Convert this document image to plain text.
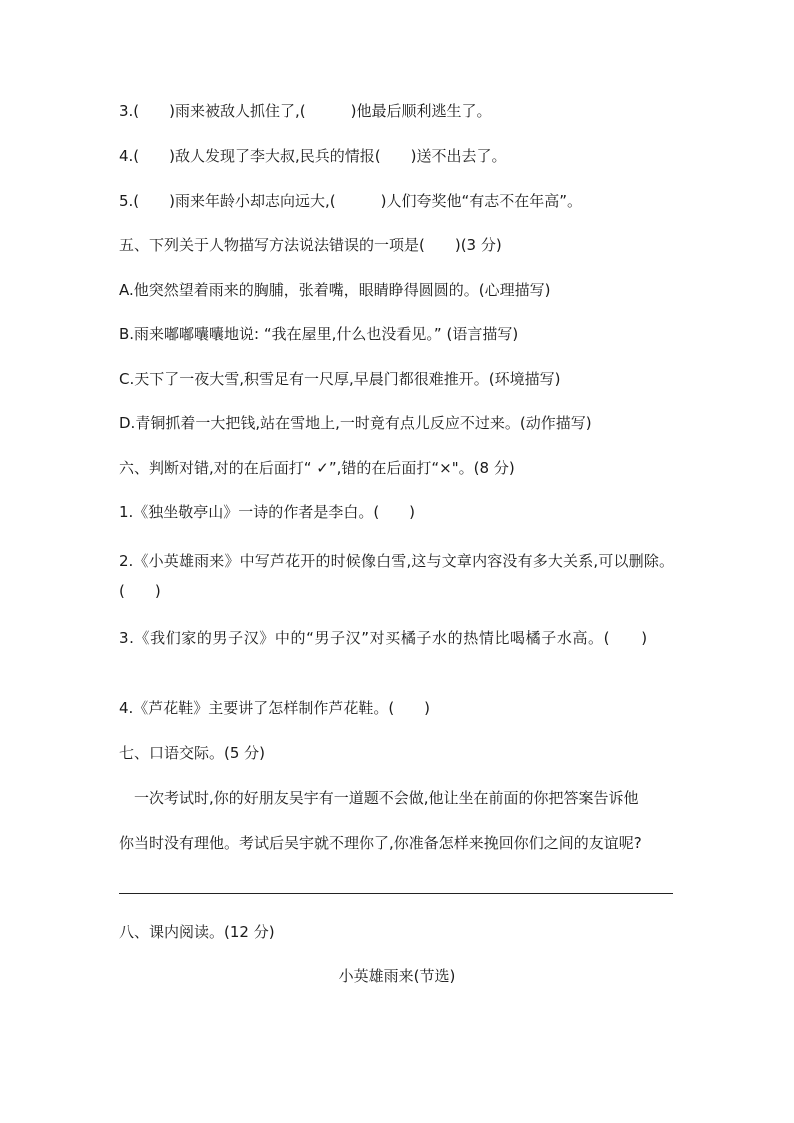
3.(　　)雨来被敌人抓住了,(　　　)他最后顺利逃生了。
4.(　　)敌人发现了李大叔,民兵的情报(　　)送不出去了。
5.(　　)雨来年龄小却志向远大,(　　　)人们夸奖他“有志不在年高”。
五、下列关于人物描写方法说法错误的一项是(　　)(3 分)
A.他突然望着雨来的胸脯，张着嘴，眼睛睁得圆圆的。(心理描写)
B.雨来嘟嘟囔囔地说: “我在屋里,什么也没看见。” (语言描写)
C.天下了一夜大雪,积雪足有一尺厚,早晨门都很难推开。(环境描写)
D.青铜抓着一大把钱,站在雪地上,一时竟有点儿反应不过来。(动作描写)
六、判断对错,对的在后面打“ ✓”,错的在后面打“×"。(8 分)
1.《独坐敬亭山》一诗的作者是李白。(　　)
2.《小英雄雨来》中写芦花开的时候像白雪,这与文章内容没有多大关系,可以删除。(　　)
3.《我们家的男子汉》中的“男子汉”对买橘子水的热情比喝橘子水高。(　　)
4.《芦花鞋》主要讲了怎样制作芦花鞋。(　　)
七、口语交际。(5 分)
　一次考试时,你的好朋友吴宇有一道题不会做,他让坐在前面的你把答案告诉他
你当时没有理他。考试后吴宇就不理你了,你准备怎样来挽回你们之间的友谊呢?
八、课内阅读。(12 分)
小英雄雨来(节选)
